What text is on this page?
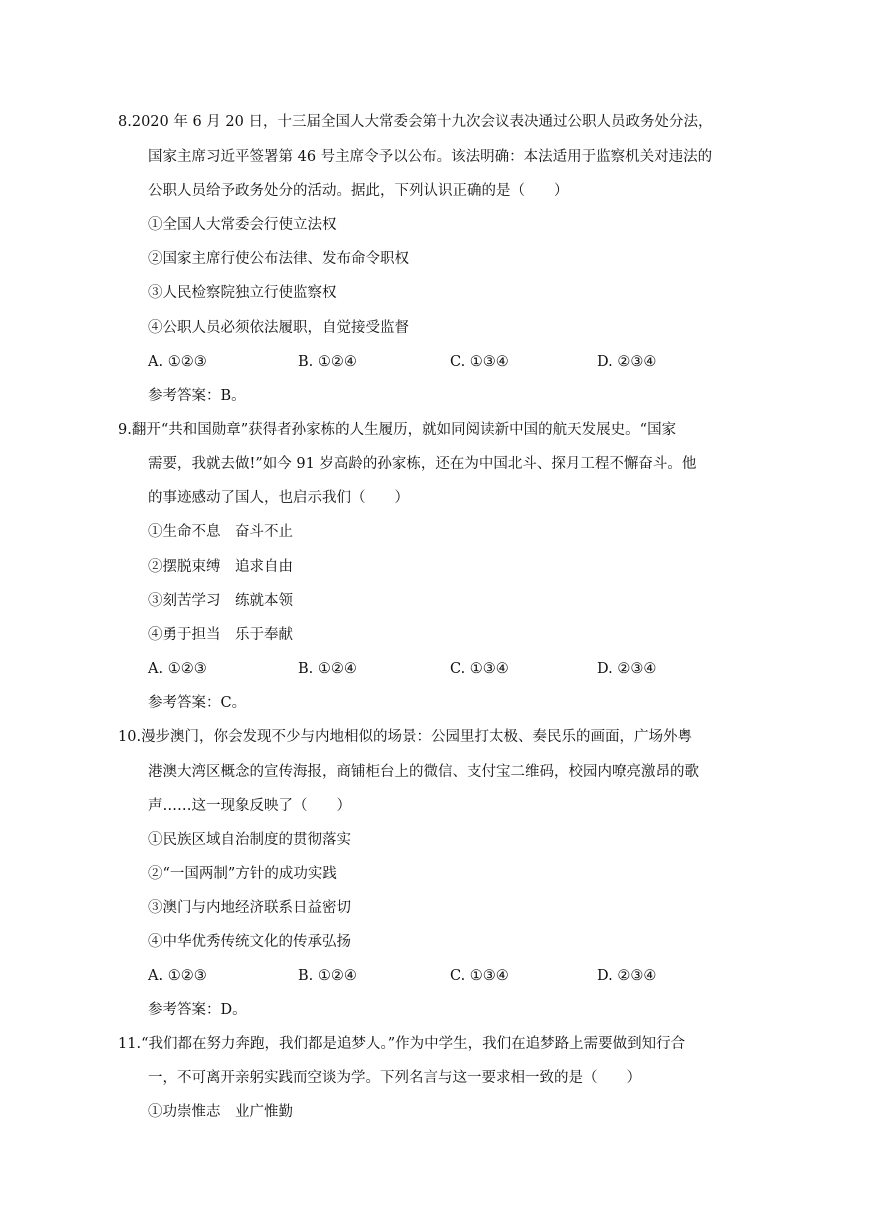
8.2020 年 6 月 20 日，十三届全国人大常委会第十九次会议表决通过公职人员政务处分法，
国家主席习近平签署第 46 号主席令予以公布。该法明确：本法适用于监察机关对违法的
公职人员给予政务处分的活动。据此，下列认识正确的是（　　）
①全国人大常委会行使立法权
②国家主席行使公布法律、发布命令职权
③人民检察院独立行使监察权
④公职人员必须依法履职，自觉接受监督
A. ①②③	B. ①②④	C. ①③④	D. ②③④
参考答案：B。
9.翻开“共和国勋章”获得者孙家栋的人生履历，就如同阅读新中国的航天发展史。“国家
需要，我就去做!”如今 91 岁高龄的孙家栋，还在为中国北斗、探月工程不懈奋斗。他
的事迹感动了国人，也启示我们（　　）
①生命不息　奋斗不止
②摆脱束缚　追求自由
③刻苦学习　练就本领
④勇于担当　乐于奉献
A. ①②③	B. ①②④	C. ①③④	D. ②③④
参考答案：C。
10.漫步澳门，你会发现不少与内地相似的场景：公园里打太极、奏民乐的画面，广场外粤
港澳大湾区概念的宣传海报，商铺柜台上的微信、支付宝二维码，校园内嘹亮激昂的歌
声……这一现象反映了（　　）
①民族区域自治制度的贯彻落实
②“一国两制”方针的成功实践
③澳门与内地经济联系日益密切
④中华优秀传统文化的传承弘扬
A. ①②③	B. ①②④	C. ①③④	D. ②③④
参考答案：D。
11.“我们都在努力奔跑，我们都是追梦人。”作为中学生，我们在追梦路上需要做到知行合
一，不可离开亲躬实践而空谈为学。下列名言与这一要求相一致的是（　　）
①功崇惟志　业广惟勤
